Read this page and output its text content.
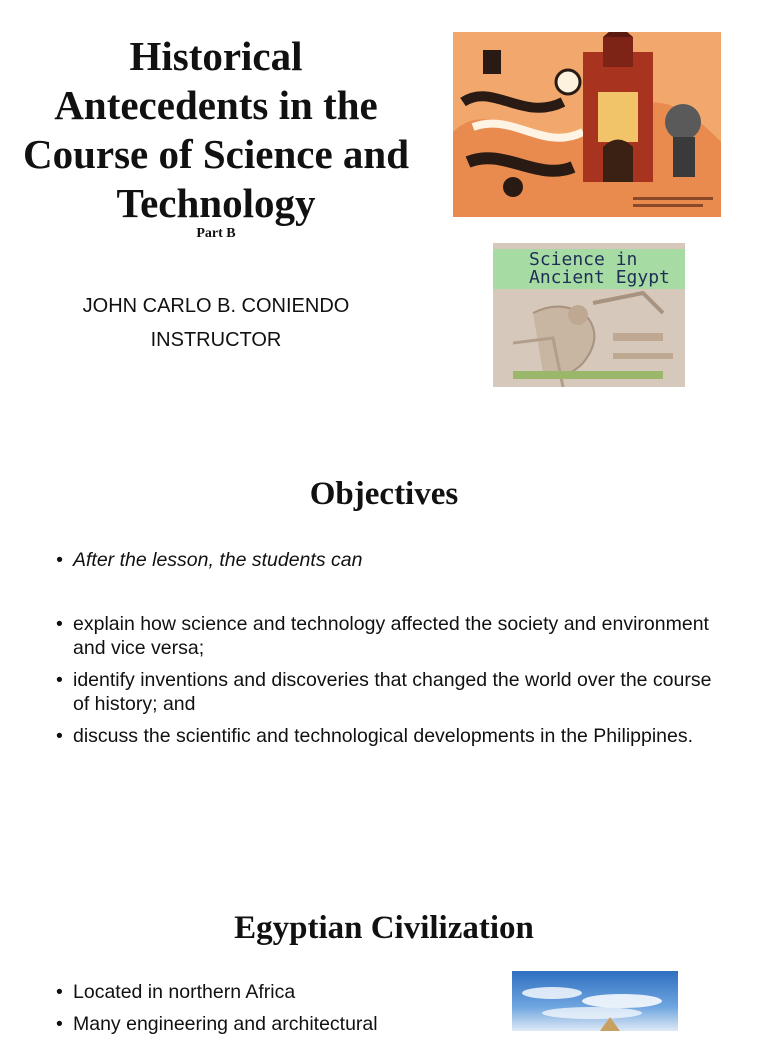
Historical Antecedents in the Course of Science and Technology

Part B

JOHN CARLO B. CONIENDO
INSTRUCTOR
Science in
Ancient Egypt
Objectives
• After the lesson, the students can
• explain how science and technology affected the society and environment and vice versa;
• identify inventions and discoveries that changed the world over the course of history; and
• discuss the scientific and technological developments in the Philippines.
Egyptian Civilization
• Located in northern Africa
• Many engineering and architectural
